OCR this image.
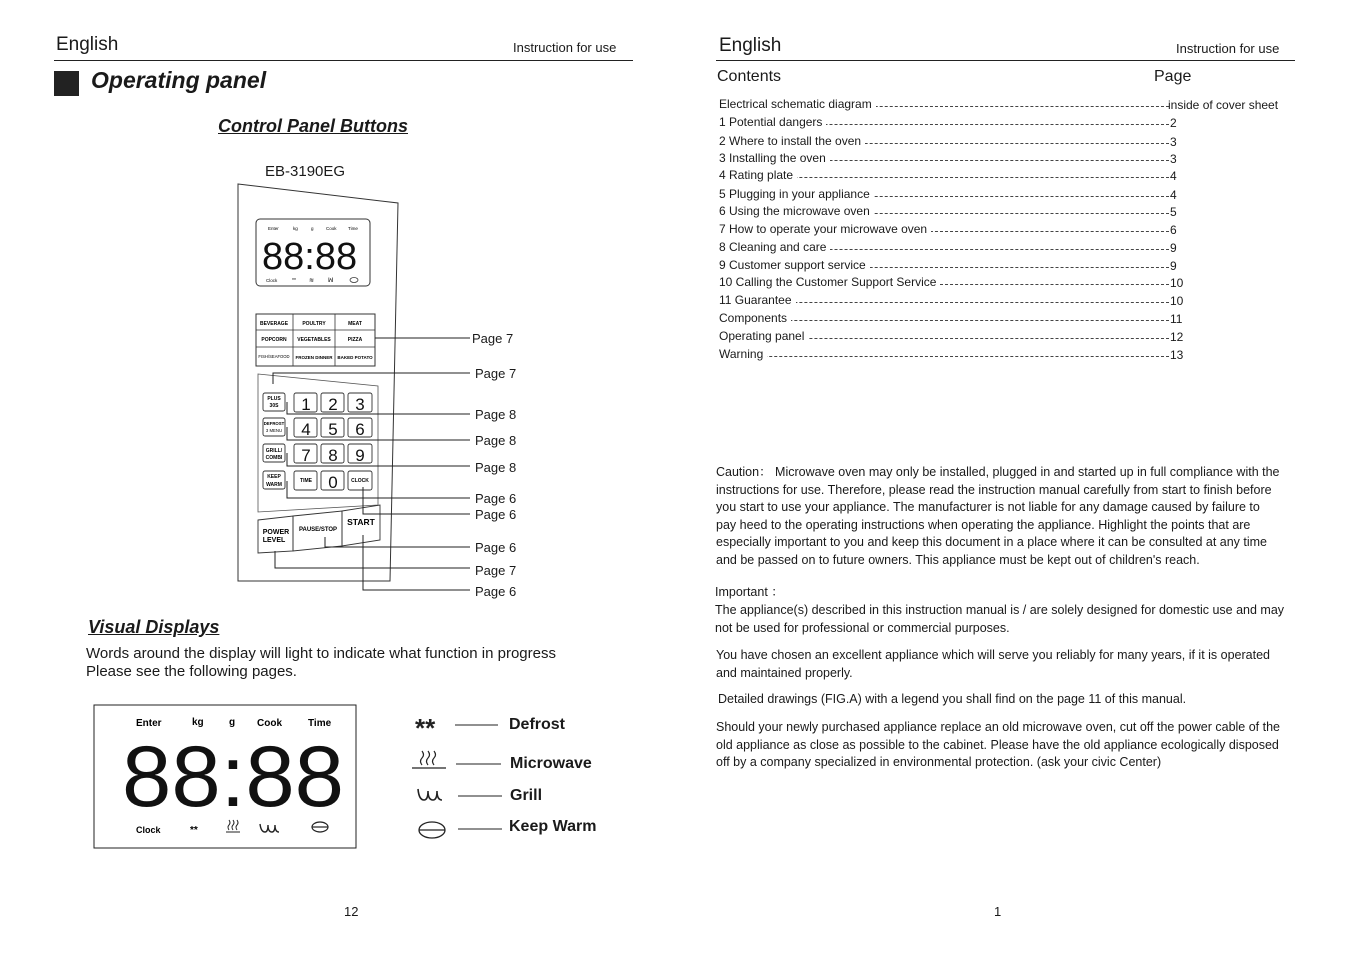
English	Instruction for use
Operating panel
Control Panel Buttons
EB-3190EG
Enter	kg	g	Cook	Time
88:88
Clock	** ≋ ꟽ
BEVERAGE	POULTRY	MEAT
POPCORN VEGETABLES	PIZZA
FISH/SEAFOOD FROZEN DINNER BAKED POTATO
PLUS
30S
DEFROST
3 MENU
GRILL/
COMBI
KEEP
WARM
1 2 3
4 5 6
7 8 9
0
TIME	CLOCK
POWER
LEVEL
PAUSE/STOP
START
Page 7
Page 7
Page 8
Page 8
Page 8
Page 6
Page 6
Page 6
Page 7
Page 6
Visual Displays
Words around the display will light to indicate what function in progress
Please see the following pages.
Enter	kg	g Cook	Time
88:88
Clock	**
**	Defrost
Microwave
Grill
Keep Warm
12
English	Instruction for use
Contents	Page
Electrical schematic diagram	inside of cover sheet
1 Potential dangers	2
2 Where to install the oven	3
3 Installing the oven	3
4 Rating plate	4
5 Plugging in your appliance	4
6 Using the microwave oven	5
7 How to operate your microwave oven	6
8 Cleaning and care	9
9 Customer support service	9
10 Calling the Customer Support Service	10
11 Guarantee	10
Components	11
Operating panel	12
Warning	13
Caution： Microwave oven may only be installed, plugged in and started up in full compliance with the
instructions for use. Therefore, please read the instruction manual carefully from start to finish before
you start to use your appliance. The manufacturer is not liable for any damage caused by failure to
pay heed to the operating instructions when operating the appliance. Highlight the points that are
especially important to you and keep this document in a place where it can be consulted at any time
and be passed on to future owners. This appliance must be kept out of children's reach.
Important ：
The appliance(s) described in this instruction manual is / are solely designed for domestic use and may
not be used for professional or commercial purposes.
You have chosen an excellent appliance which will serve you reliably for many years, if it is operated
and maintained properly.
Detailed drawings (FIG.A) with a legend you shall find on the page 11 of this manual.
Should your newly purchased appliance replace an old microwave oven, cut off the power cable of the
old appliance as close as possible to the cabinet. Please have the old appliance ecologically disposed
off by a company specialized in environmental protection. (ask your civic Center)
1
